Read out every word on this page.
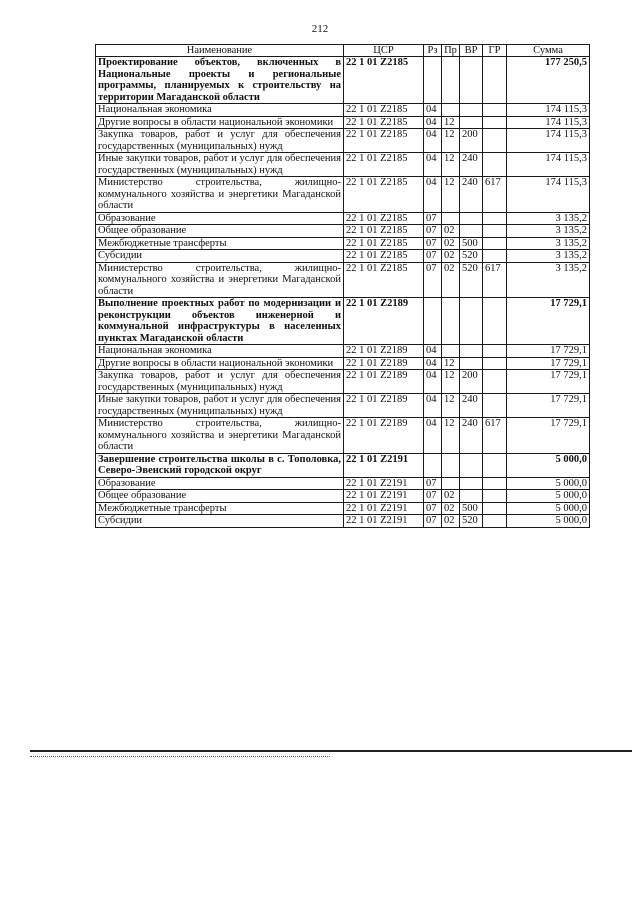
212
Наименование	ЦСР	Рз	Пр	ВР	ГР	Сумма
Проектирование объектов, включенных в Национальные проекты и региональные программы, планируемых к строительству на территории Магаданской области	22 1 01 Z2185					177 250,5
Национальная экономика	22 1 01 Z2185	04				174 115,3
Другие вопросы в области национальной экономики	22 1 01 Z2185	04	12			174 115,3
Закупка товаров, работ и услуг для обеспечения государственных (муниципальных) нужд	22 1 01 Z2185	04	12	200		174 115,3
Иные закупки товаров, работ и услуг для обеспечения государственных (муниципальных) нужд	22 1 01 Z2185	04	12	240		174 115,3
Министерство строительства, жилищно-коммунального хозяйства и энергетики Магаданской области	22 1 01 Z2185	04	12	240	617	174 115,3
Образование	22 1 01 Z2185	07				3 135,2
Общее образование	22 1 01 Z2185	07	02			3 135,2
Межбюджетные трансферты	22 1 01 Z2185	07	02	500		3 135,2
Субсидии	22 1 01 Z2185	07	02	520		3 135,2
Министерство строительства, жилищно-коммунального хозяйства и энергетики Магаданской области	22 1 01 Z2185	07	02	520	617	3 135,2
Выполнение проектных работ по модернизации и реконструкции объектов инженерной и коммунальной инфраструктуры в населенных пунктах Магаданской области	22 1 01 Z2189					17 729,1
Национальная экономика	22 1 01 Z2189	04				17 729,1
Другие вопросы в области национальной экономики	22 1 01 Z2189	04	12			17 729,1
Закупка товаров, работ и услуг для обеспечения государственных (муниципальных) нужд	22 1 01 Z2189	04	12	200		17 729,1
Иные закупки товаров, работ и услуг для обеспечения государственных (муниципальных) нужд	22 1 01 Z2189	04	12	240		17 729,1
Министерство строительства, жилищно-коммунального хозяйства и энергетики Магаданской области	22 1 01 Z2189	04	12	240	617	17 729,1
Завершение строительства школы в с. Тополовка, Северо-Эвенский городской округ	22 1 01 Z2191					5 000,0
Образование	22 1 01 Z2191	07				5 000,0
Общее образование	22 1 01 Z2191	07	02			5 000,0
Межбюджетные трансферты	22 1 01 Z2191	07	02	500		5 000,0
Субсидии	22 1 01 Z2191	07	02	520		5 000,0
